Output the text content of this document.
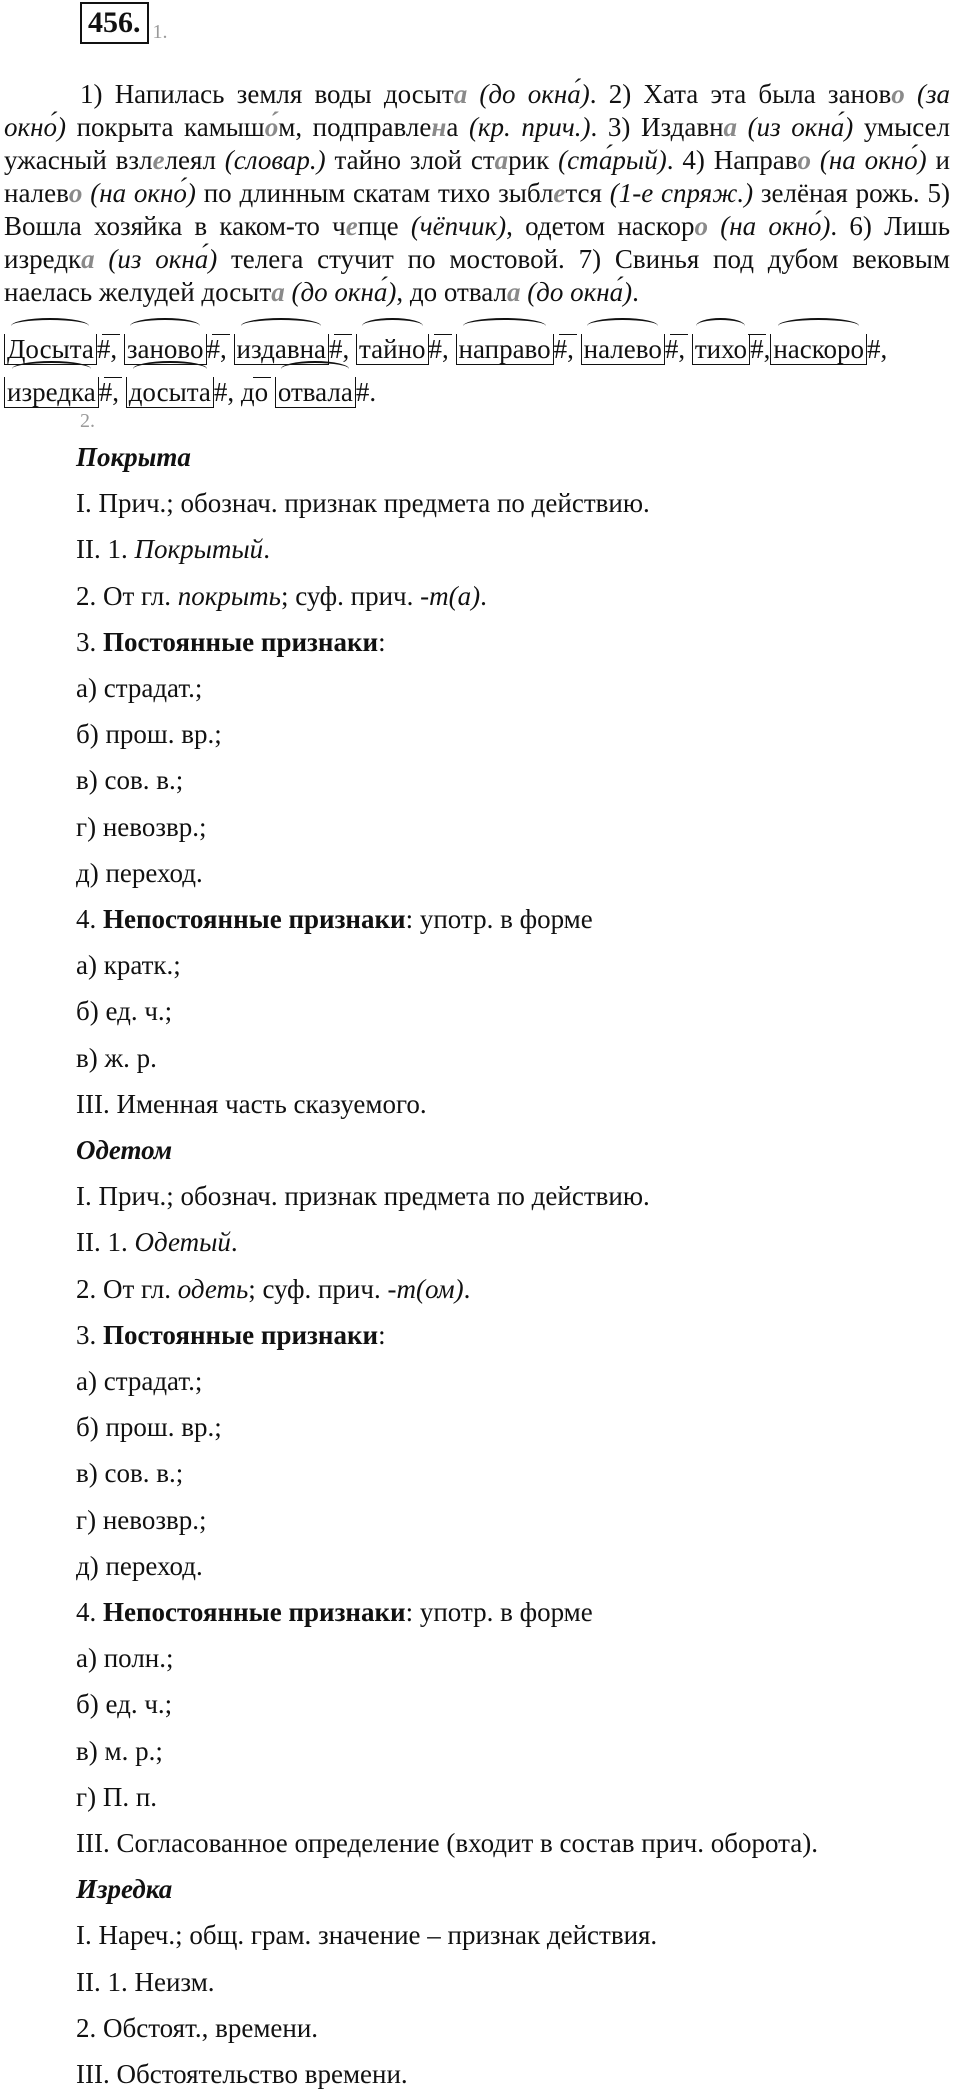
456. 1.

1) Напилась земля воды досыта (до окна́). 2) Хата эта была заново (за окно́) покрыта камышо́м, подправлена (кр. прич.). 3) Издавна (из окна́) умысел ужасный взлелеял (словар.) тайно злой старик (ста́рый). 4) Направо (на окно́) и налево (на окно́) по длинным скатам тихо зыблется (1-е спряж.) зелёная рожь. 5) Вошла хозяйка в каком-то чепце (чёпчик), одетом наскоро (на окно́). 6) Лишь изредка (из окна́) телега стучит по мостовой. 7) Свинья под дубом вековым наелась желудей досыта (до окна́), до отвала (до окна́).

Досыта #,
заново #,
издавна #,
тайно #,
направо #,
налево #,
тихо #, наскоро #,
изредка #,
досыта #, до
отвала #.

2.
Покрыта
I. Прич.; обознач. признак предмета по действию.
II. 1. Покрытый.
2. От гл. покрыть; суф. прич. -т(а).
3. Постоянные признаки:
а) страдат.;
б) прош. вр.;
в) сов. в.;
г) невозвр.;
д) переход.
4. Непостоянные признаки: употр. в форме
а) кратк.;
б) ед. ч.;
в) ж. р.
III. Именная часть сказуемого.
Одетом
I. Прич.; обознач. признак предмета по действию.
II. 1. Одетый.
2. От гл. одеть; суф. прич. -т(ом).
3. Постоянные признаки:
а) страдат.;
б) прош. вр.;
в) сов. в.;
г) невозвр.;
д) переход.
4. Непостоянные признаки: употр. в форме
а) полн.;
б) ед. ч.;
в) м. р.;
г) П. п.
III. Согласованное определение (входит в состав прич. оборота).
Изредка
I. Нареч.; общ. грам. значение – признак действия.
II. 1. Неизм.
2. Обстоят., времени.
III. Обстоятельство времени.
